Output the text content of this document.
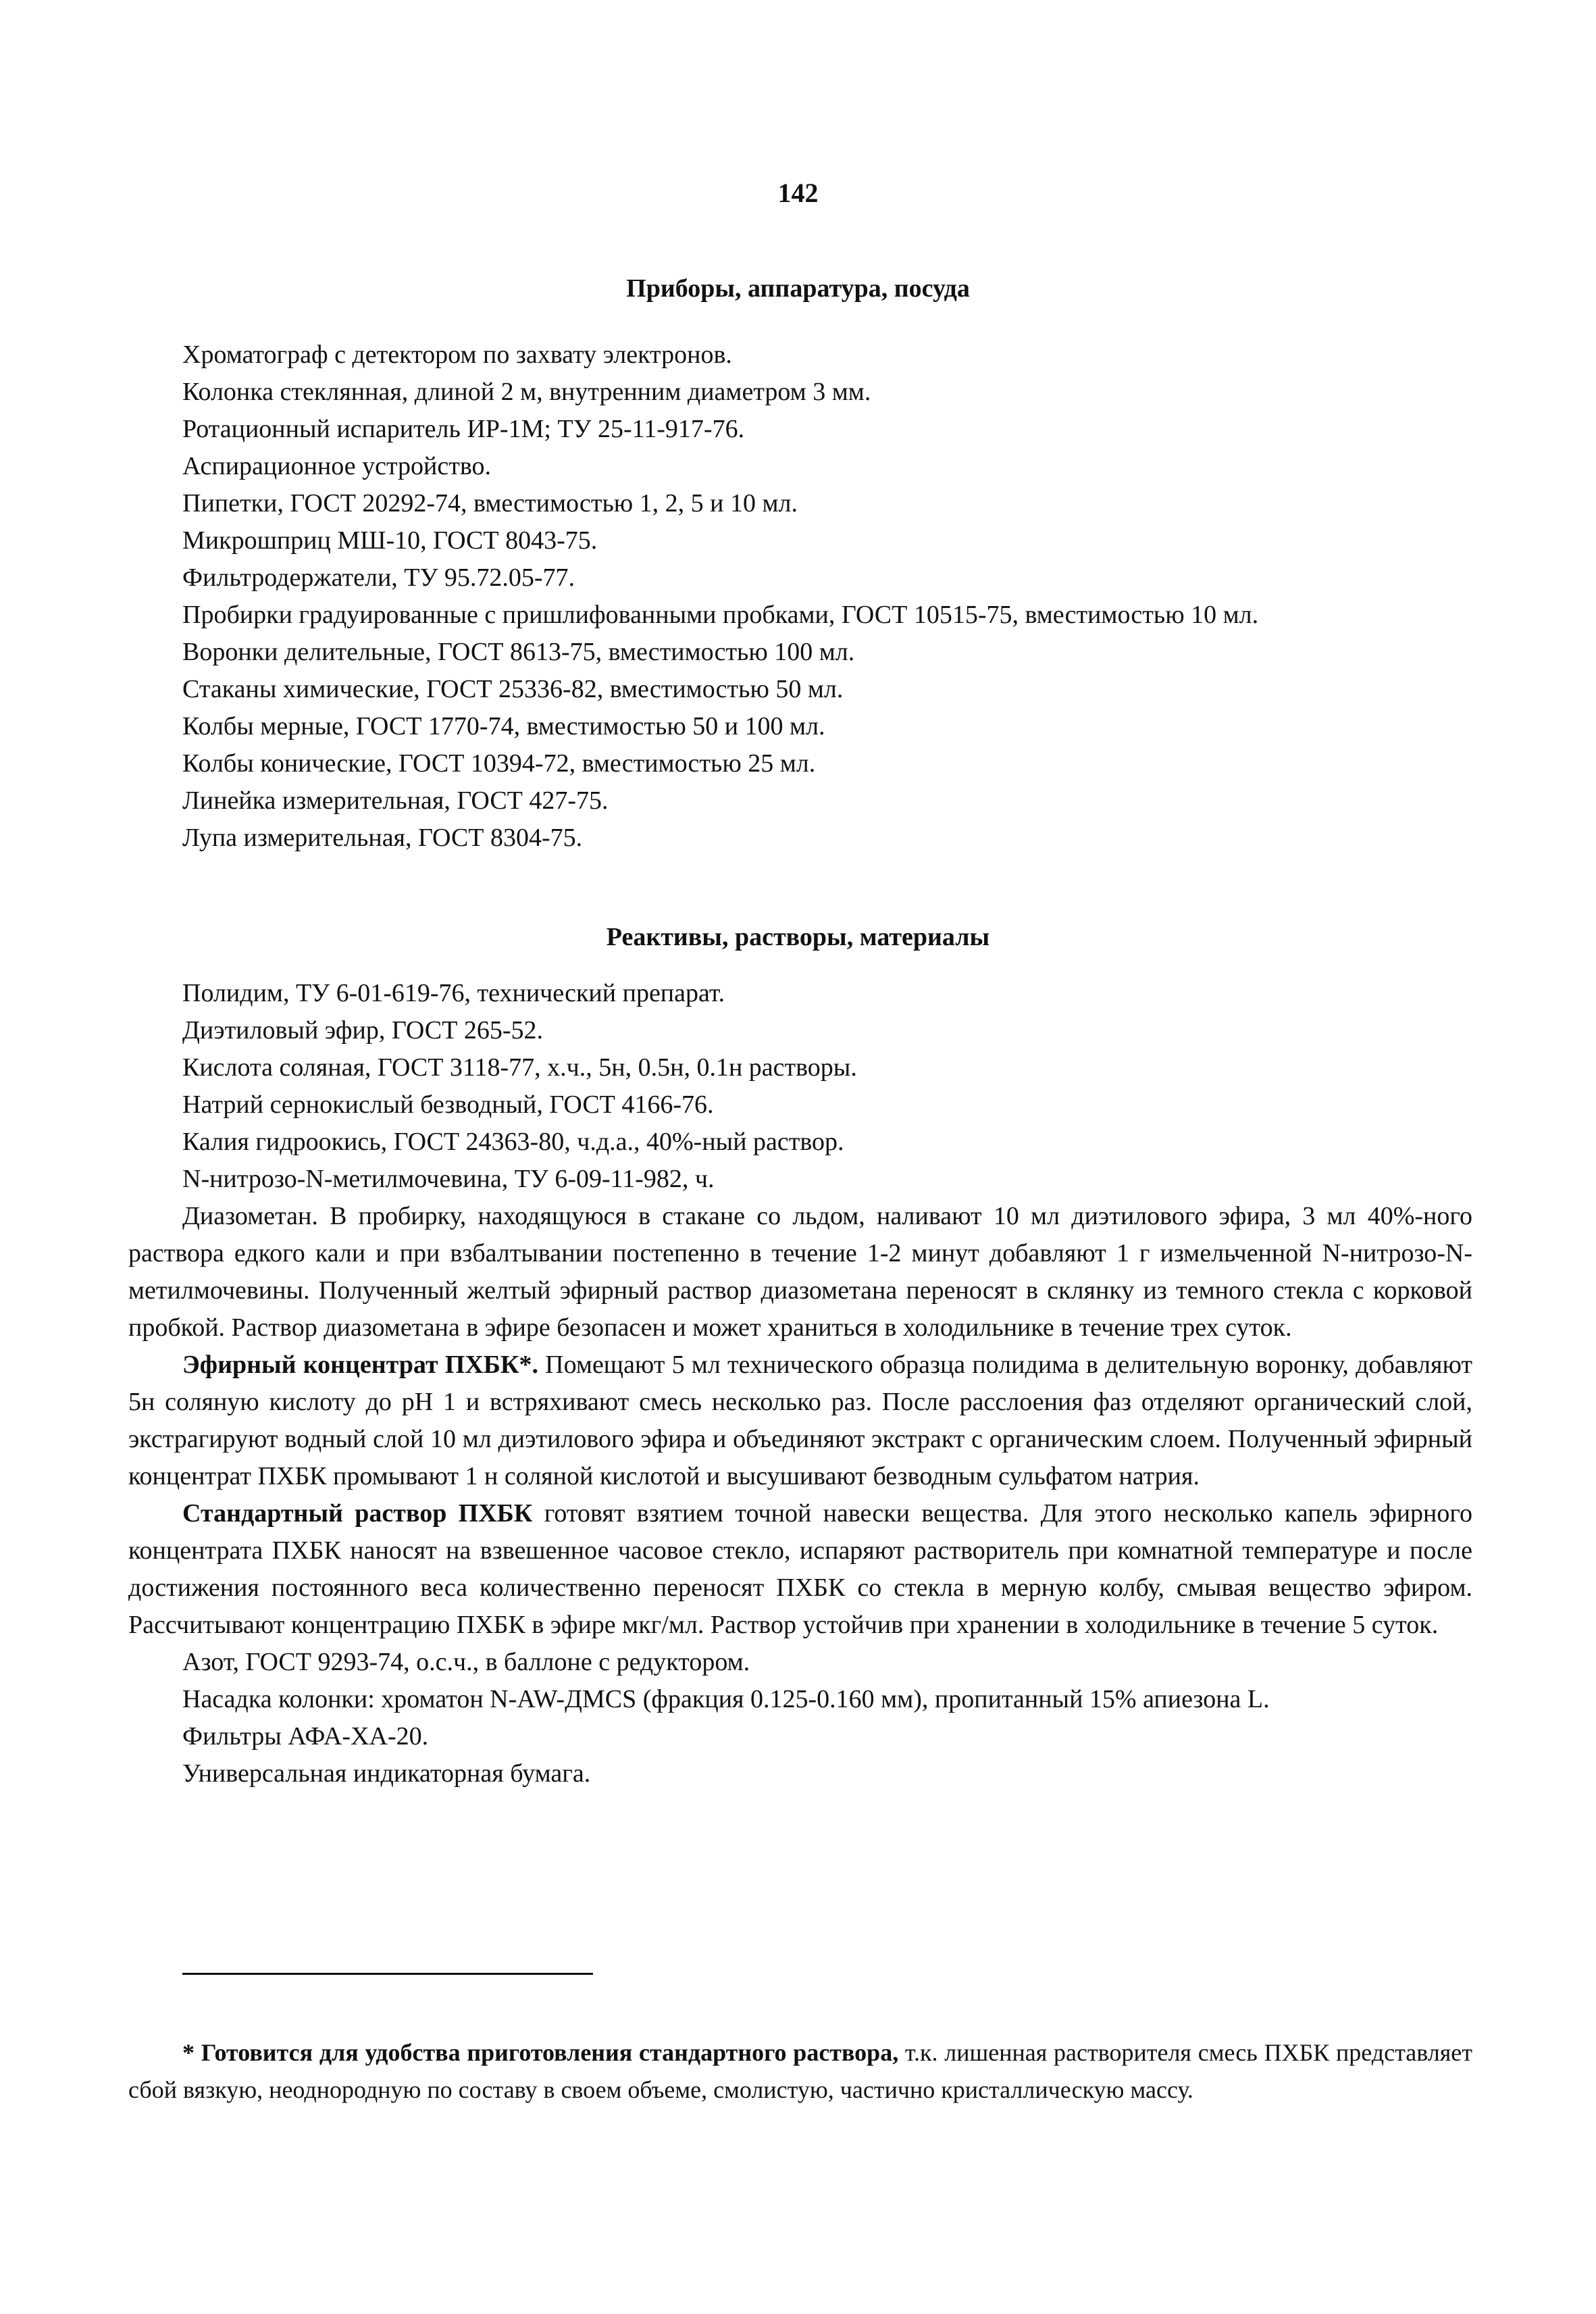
142
Приборы, аппаратура, посуда

Хроматограф с детектором по захвату электронов.

Колонка стеклянная, длиной 2 м, внутренним диаметром 3 мм.

Ротационный испаритель ИР-1М; ТУ 25-11-917-76.

Аспирационное устройство.

Пипетки, ГОСТ 20292-74, вместимостью 1, 2, 5 и 10 мл.

Микрошприц МШ-10, ГОСТ 8043-75.

Фильтродержатели, ТУ 95.72.05-77.

Пробирки градуированные с пришлифованными пробками, ГОСТ 10515-75, вместимостью 10 мл.

Воронки делительные, ГОСТ 8613-75, вместимостью 100 мл.

Стаканы химические, ГОСТ 25336-82, вместимостью 50 мл.

Колбы мерные, ГОСТ 1770-74, вместимостью 50 и 100 мл.

Колбы конические, ГОСТ 10394-72, вместимостью 25 мл.

Линейка измерительная, ГОСТ 427-75.

Лупа измерительная, ГОСТ 8304-75.

Реактивы, растворы, материалы

Полидим, ТУ 6-01-619-76, технический препарат.

Диэтиловый эфир, ГОСТ 265-52.

Кислота соляная, ГОСТ 3118-77, х.ч., 5н, 0.5н, 0.1н растворы.

Натрий сернокислый безводный, ГОСТ 4166-76.

Калия гидроокись, ГОСТ 24363-80, ч.д.а., 40%-ный раствор.

N-нитрозо-N-метилмочевина, ТУ 6-09-11-982, ч.

Диазометан. В пробирку, находящуюся в стакане со льдом, наливают 10 мл диэтилового эфира, 3 мл 40%-ного раствора едкого кали и при взбалтывании постепенно в течение 1-2 минут добавляют 1 г измельченной N-нитрозо-N-метилмочевины. Полученный желтый эфирный раствор диазометана переносят в склянку из темного стекла с корковой пробкой. Раствор диазометана в эфире безопасен и может храниться в холодильнике в течение трех суток.

Эфирный концентрат ПХБК*. Помещают 5 мл технического образца полидима в делительную воронку, добавляют 5н соляную кислоту до pH 1 и встряхивают смесь несколько раз. После расслоения фаз отделяют органический слой, экстрагируют водный слой 10 мл диэтилового эфира и объединяют экстракт с органическим слоем. Полученный эфирный концентрат ПХБК промывают 1 н соляной кислотой и высушивают безводным сульфатом натрия.

Стандартный раствор ПХБК готовят взятием точной навески вещества. Для этого несколько капель эфирного концентрата ПХБК наносят на взвешенное часовое стекло, испаряют растворитель при комнатной температуре и после достижения постоянного веса количественно переносят ПХБК со стекла в мерную колбу, смывая вещество эфиром. Рассчитывают концентрацию ПХБК в эфире мкг/мл. Раствор устойчив при хранении в холодильнике в течение 5 суток.

Азот, ГОСТ 9293-74, о.с.ч., в баллоне с редуктором.

Насадка колонки: хроматон N-AW-ДМCS (фракция 0.125-0.160 мм), пропитанный 15% апиезона L.

Фильтры АФА-ХА-20.

Универсальная индикаторная бумага.

* Готовится для удобства приготовления стандартного раствора, т.к. лишенная растворителя смесь ПХБК представляет сбой вязкую, неоднородную по составу в своем объеме, смолистую, частично кристаллическую массу.
